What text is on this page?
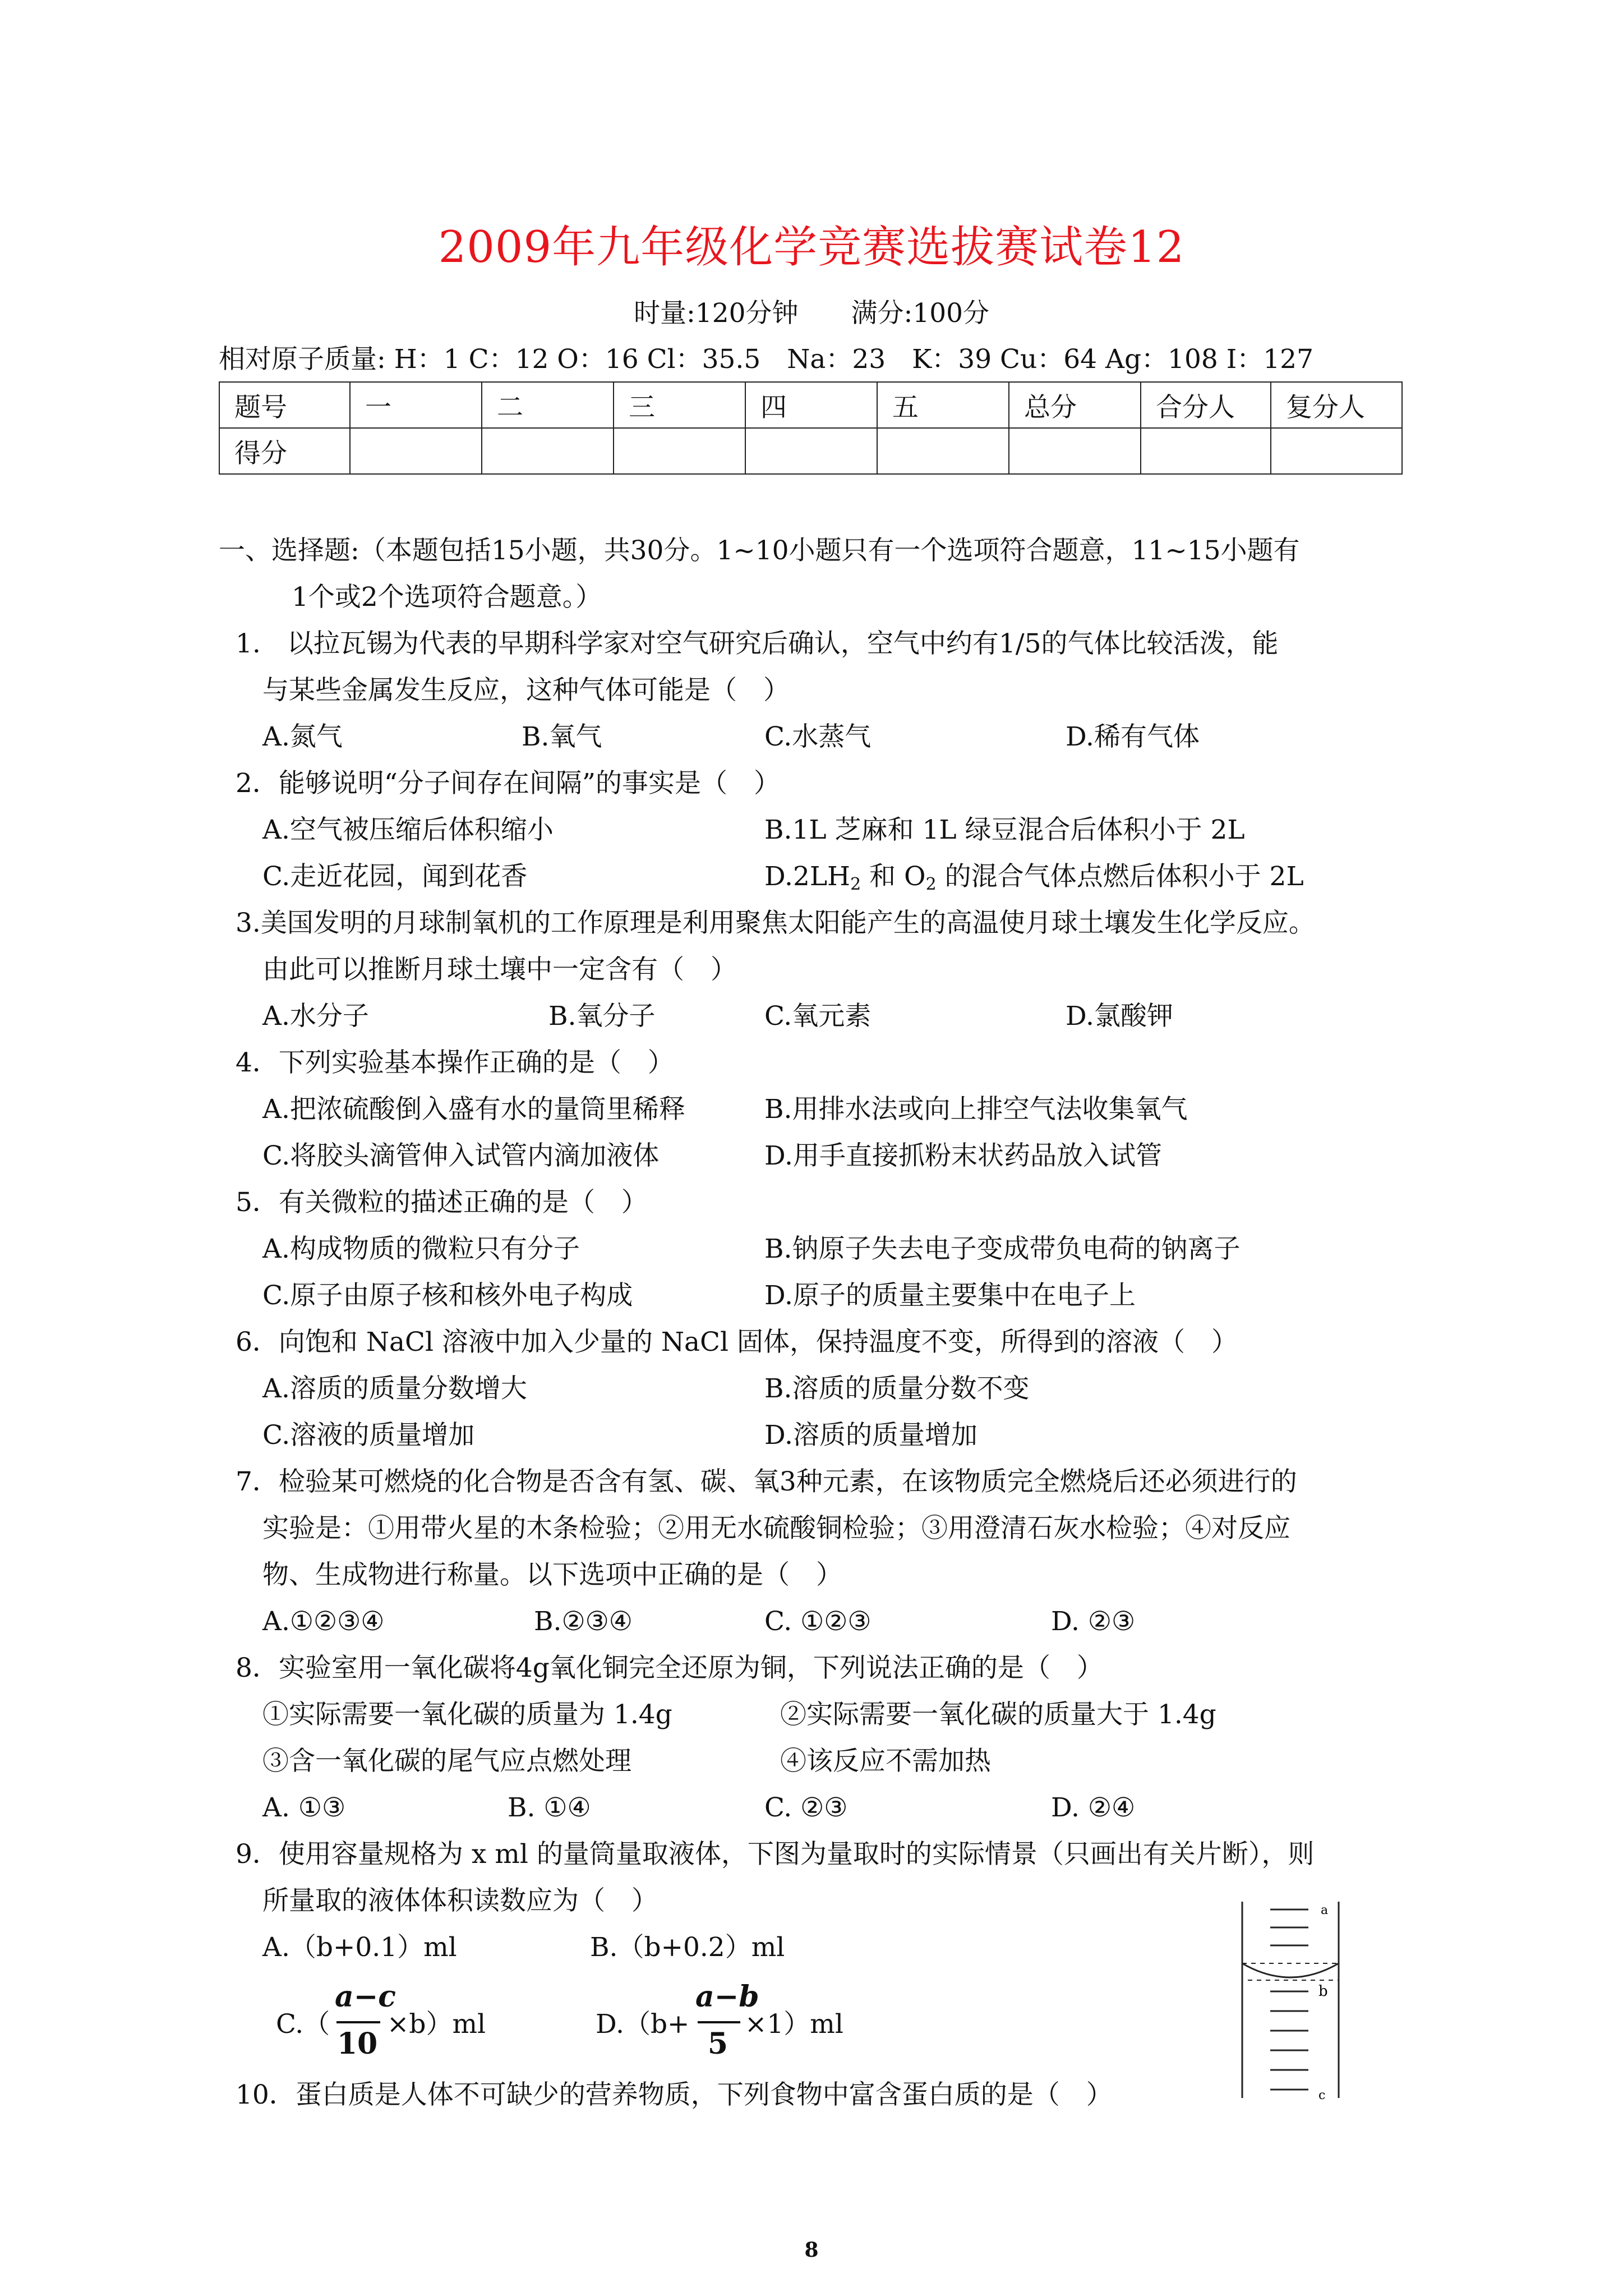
2009年九年级化学竞赛选拔赛试卷12
时量:120分钟　　满分:100分
相对原子质量: H：1 C：12 O：16 Cl：35.5　Na：23　K：39 Cu：64 Ag：108 I：127
题号	一	二	三	四	五	总分	合分人	复分人
得分								
一、选择题:（本题包括15小题，共30分。1~10小题只有一个选项符合题意，11~15小题有
1个或2个选项符合题意。）
1.　以拉瓦锡为代表的早期科学家对空气研究后确认，空气中约有1/5的气体比较活泼，能
与某些金属发生反应，这种气体可能是（　）
A.氮气	B.氧气	C.水蒸气	D.稀有气体
2．能够说明“分子间存在间隔”的事实是（　）
A.空气被压缩后体积缩小	B.1L 芝麻和 1L 绿豆混合后体积小于 2L
C.走近花园，闻到花香	$D.2LH_2$ 和 $O_2$ 的混合气体点燃后体积小于 2L
3.美国发明的月球制氧机的工作原理是利用聚焦太阳能产生的高温使月球土壤发生化学反应。
由此可以推断月球土壤中一定含有（　）
A.水分子	B.氧分子	C.氧元素	D.氯酸钾
4．下列实验基本操作正确的是（　）
A.把浓硫酸倒入盛有水的量筒里稀释	B.用排水法或向上排空气法收集氧气
C.将胶头滴管伸入试管内滴加液体	D.用手直接抓粉末状药品放入试管
5．有关微粒的描述正确的是（　）
A.构成物质的微粒只有分子	B.钠原子失去电子变成带负电荷的钠离子
C.原子由原子核和核外电子构成	D.原子的质量主要集中在电子上
6．向饱和 NaCl 溶液中加入少量的 NaCl 固体，保持温度不变，所得到的溶液（　）
A.溶质的质量分数增大	B.溶质的质量分数不变
C.溶液的质量增加	D.溶质的质量增加
7．检验某可燃烧的化合物是否含有氢、碳、氧3种元素，在该物质完全燃烧后还必须进行的
实验是：①用带火星的木条检验；②用无水硫酸铜检验；③用澄清石灰水检验；④对反应
物、生成物进行称量。以下选项中正确的是（　）
A.①②③④	B.②③④	C. ①②③	D. ②③
8．实验室用一氧化碳将4g氧化铜完全还原为铜，下列说法正确的是（　）
①实际需要一氧化碳的质量为 1.4g	②实际需要一氧化碳的质量大于 1.4g
③含一氧化碳的尾气应点燃处理	④该反应不需加热
A. ①③	B. ①④	C. ②③	D. ②④
9．使用容量规格为 x ml 的量筒量取液体，下图为量取时的实际情景（只画出有关片断），则
所量取的液体体积读数应为（　）
A.（b+0.1）ml	B.（b+0.2）ml
C.（
a−c
10
×b）ml	D.（b+
a−b
5
×1）ml
a
b
c
10．蛋白质是人体不可缺少的营养物质，下列食物中富含蛋白质的是（　）
8
